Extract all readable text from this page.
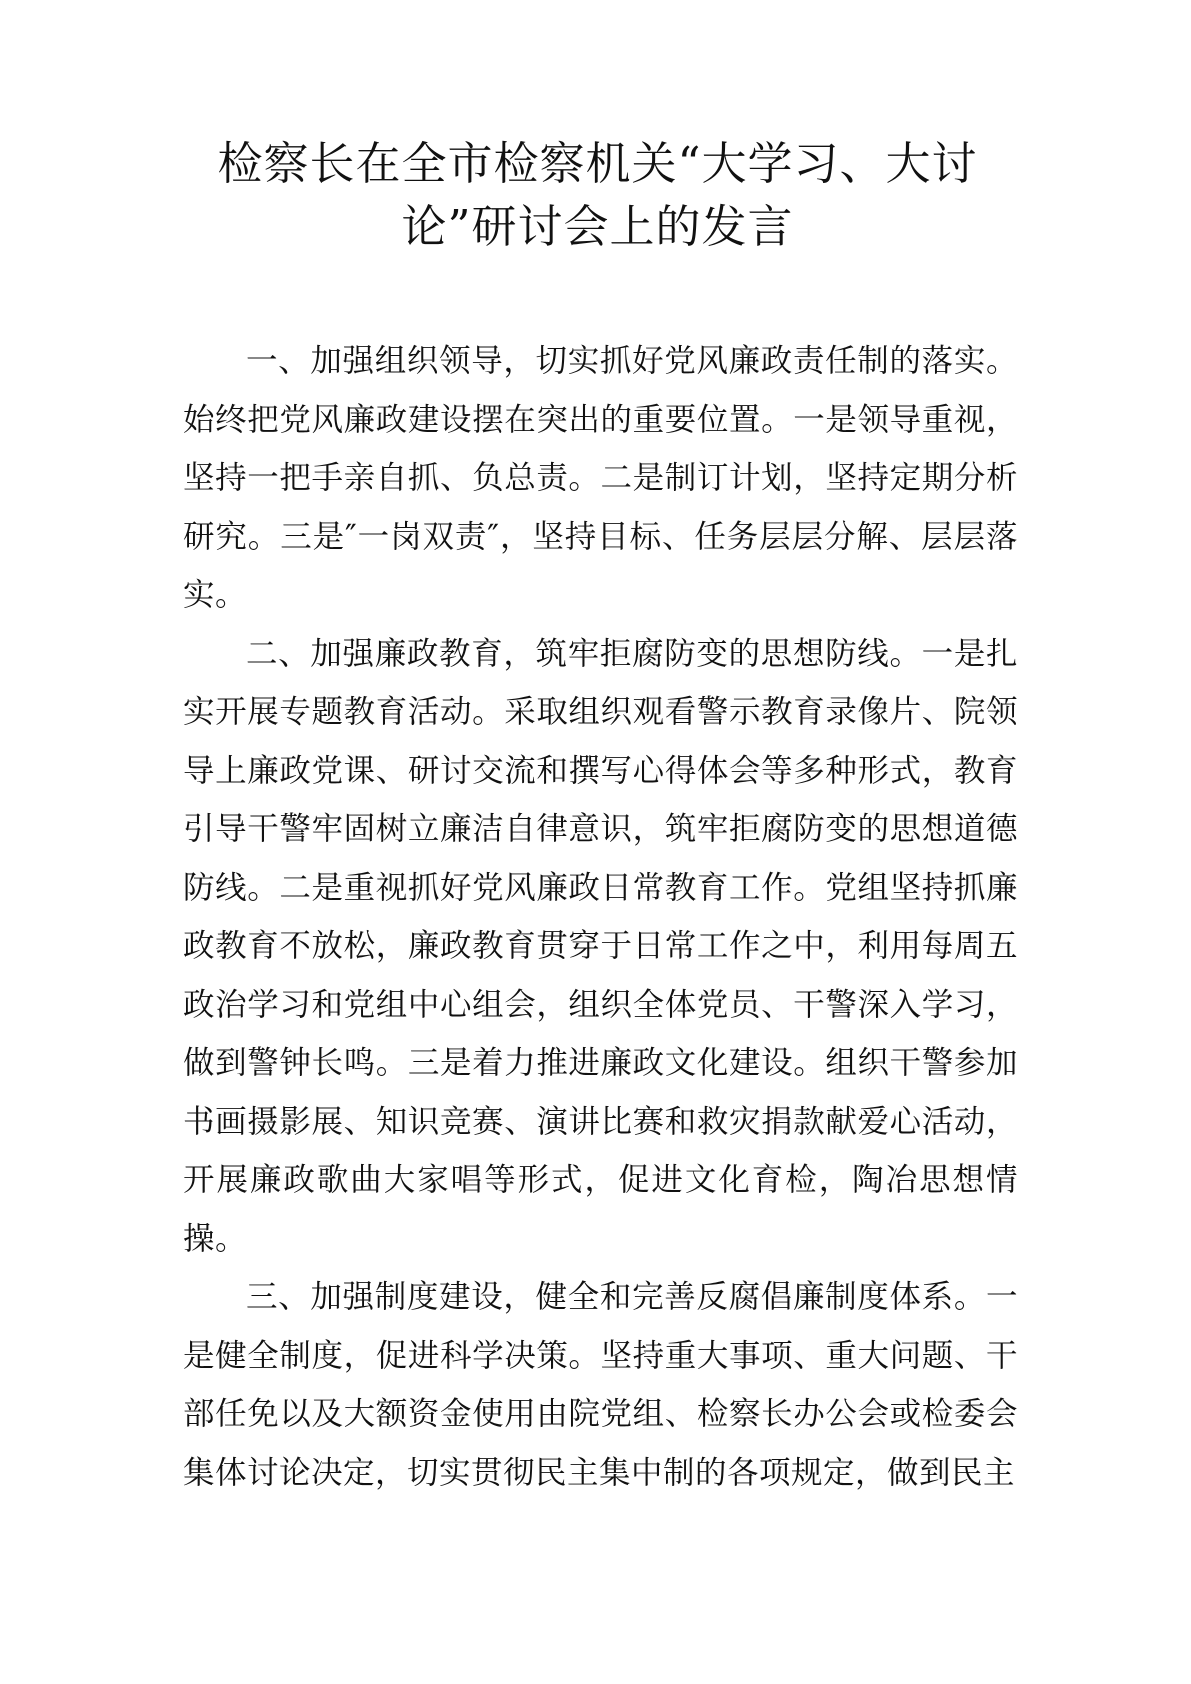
检察长在全市检察机关“大学习、大讨论”研讨会上的发言

一、加强组织领导，切实抓好党风廉政责任制的落实。始终把党风廉政建设摆在突出的重要位置。一是领导重视，坚持一把手亲自抓、负总责。二是制订计划，坚持定期分析研究。三是″一岗双责″，坚持目标、任务层层分解、层层落实。

二、加强廉政教育，筑牢拒腐防变的思想防线。一是扎实开展专题教育活动。采取组织观看警示教育录像片、院领导上廉政党课、研讨交流和撰写心得体会等多种形式，教育引导干警牢固树立廉洁自律意识，筑牢拒腐防变的思想道德防线。二是重视抓好党风廉政日常教育工作。党组坚持抓廉政教育不放松，廉政教育贯穿于日常工作之中，利用每周五政治学习和党组中心组会，组织全体党员、干警深入学习，做到警钟长鸣。三是着力推进廉政文化建设。组织干警参加书画摄影展、知识竞赛、演讲比赛和救灾捐款献爱心活动，开展廉政歌曲大家唱等形式，促进文化育检，陶冶思想情操。

三、加强制度建设，健全和完善反腐倡廉制度体系。一是健全制度，促进科学决策。坚持重大事项、重大问题、干部任免以及大额资金使用由院党组、检察长办公会或检委会集体讨论决定，切实贯彻民主集中制的各项规定，做到民主
